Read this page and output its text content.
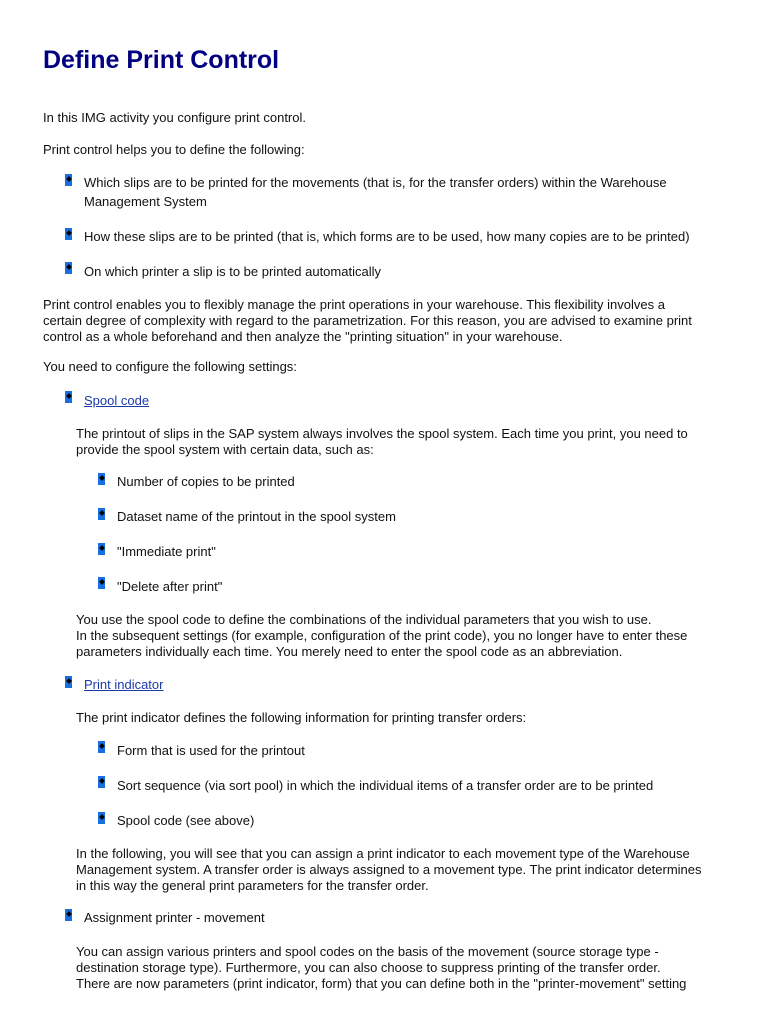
Define Print Control

In this IMG activity you configure print control.

Print control helps you to define the following:

Which slips are to be printed for the movements (that is, for the transfer orders) within the Warehouse
Management System

How these slips are to be printed (that is, which forms are to be used, how many copies are to be printed)

On which printer a slip is to be printed automatically

Print control enables you to flexibly manage the print operations in your warehouse. This flexibility involves a
certain degree of complexity with regard to the parametrization. For this reason, you are advised to examine print
control as a whole beforehand and then analyze the "printing situation" in your warehouse.

You need to configure the following settings:

Spool code

The printout of slips in the SAP system always involves the spool system. Each time you print, you need to
provide the spool system with certain data, such as:

Number of copies to be printed

Dataset name of the printout in the spool system

"Immediate print"

"Delete after print"

You use the spool code to define the combinations of the individual parameters that you wish to use.
In the subsequent settings (for example, configuration of the print code), you no longer have to enter these
parameters individually each time. You merely need to enter the spool code as an abbreviation.

Print indicator

The print indicator defines the following information for printing transfer orders:

Form that is used for the printout

Sort sequence (via sort pool) in which the individual items of a transfer order are to be printed

Spool code (see above)

In the following, you will see that you can assign a print indicator to each movement type of the Warehouse
Management system. A transfer order is always assigned to a movement type. The print indicator determines
in this way the general print parameters for the transfer order.

Assignment printer - movement

You can assign various printers and spool codes on the basis of the movement (source storage type -
destination storage type). Furthermore, you can also choose to suppress printing of the transfer order.
There are now parameters (print indicator, form) that you can define both in the "printer-movement" setting
